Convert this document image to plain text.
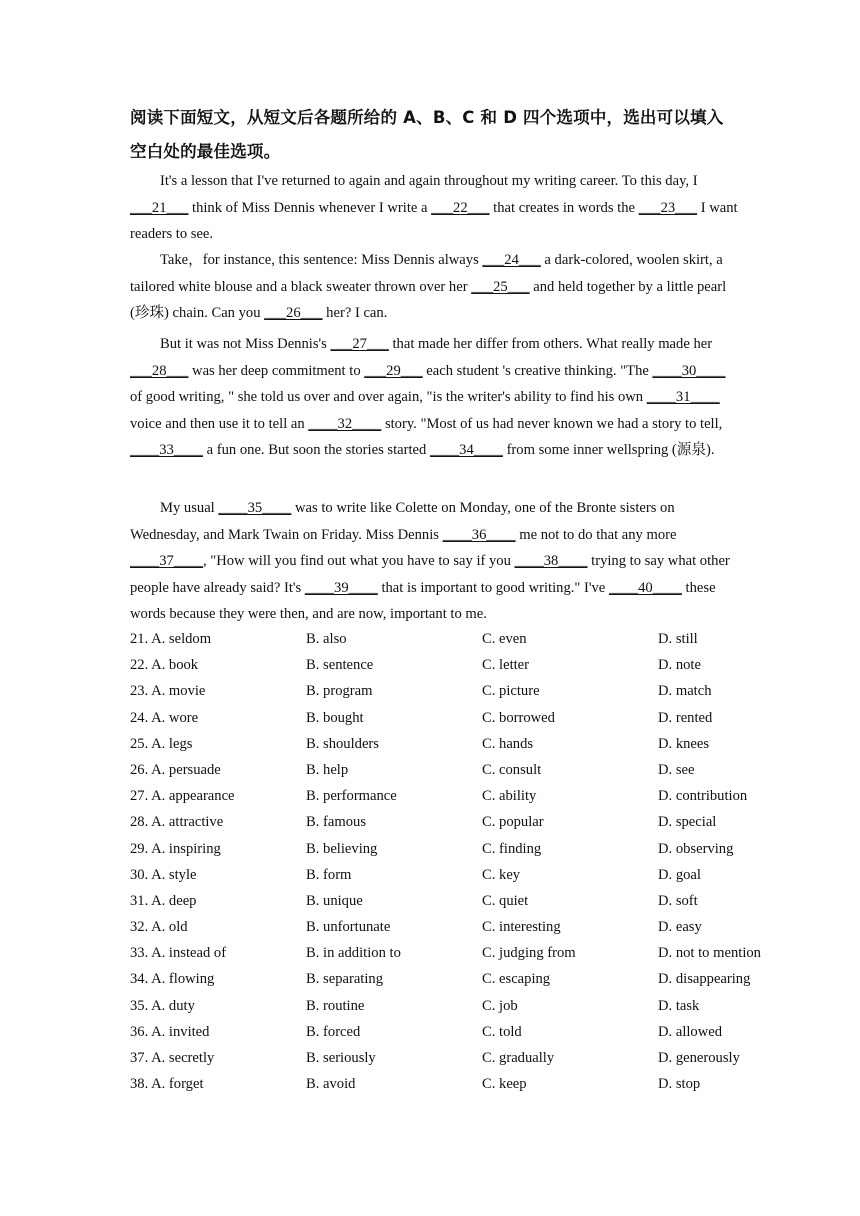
阅读下面短文，从短文后各题所给的 A、B、C 和 D 四个选项中，选出可以填入空白处的最佳选项。
It's a lesson that I've returned to again and again throughout my writing career. To this day, I ___21___ think of Miss Dennis whenever I write a ___22___ that creates in words the ___23___ I want readers to see.
Take，for instance, this sentence: Miss Dennis always ___24___ a dark-colored, woolen skirt, a tailored white blouse and a black sweater thrown over her ___25___ and held together by a little pearl (珍珠) chain. Can you ___26___ her? I can.
But it was not Miss Dennis's ___27___ that made her differ from others. What really made her ___28___ was her deep commitment to ___29___ each student 's creative thinking. "The ____30____ of good writing, " she told us over and over again, "is the writer's ability to find his own ____31____ voice and then use it to tell an ____32____ story. "Most of us had never known we had a story to tell, ____33____ a fun one. But soon the stories started ____34____ from some inner wellspring (源泉).
My usual ____35____ was to write like Colette on Monday, one of the Bronte sisters on Wednesday, and Mark Twain on Friday. Miss Dennis ____36____ me not to do that any more ____37____, "How will you find out what you have to say if you ____38____ trying to say what other people have already said? It's ____39____ that is important to good writing." I've ____40____ these words because they were then, and are now, important to me.
21. A. seldom	B. also	C. even	D. still
22. A. book	B. sentence	C. letter	D. note
23. A. movie	B. program	C. picture	D. match
24. A. wore	B. bought	C. borrowed	D. rented
25. A. legs	B. shoulders	C. hands	D. knees
26. A. persuade	B. help	C. consult	D. see
27. A. appearance	B. performance	C. ability	D. contribution
28. A. attractive	B. famous	C. popular	D. special
29. A. inspiring	B. believing	C. finding	D. observing
30. A. style	B. form	C. key	D. goal
31. A. deep	B. unique	C. quiet	D. soft
32. A. old	B. unfortunate	C. interesting	D. easy
33. A. instead of	B. in addition to	C. judging from	D. not to mention
34. A. flowing	B. separating	C. escaping	D. disappearing
35. A. duty	B. routine	C. job	D. task
36. A. invited	B. forced	C. told	D. allowed
37. A. secretly	B. seriously	C. gradually	D. generously
38. A. forget	B. avoid	C. keep	D. stop
